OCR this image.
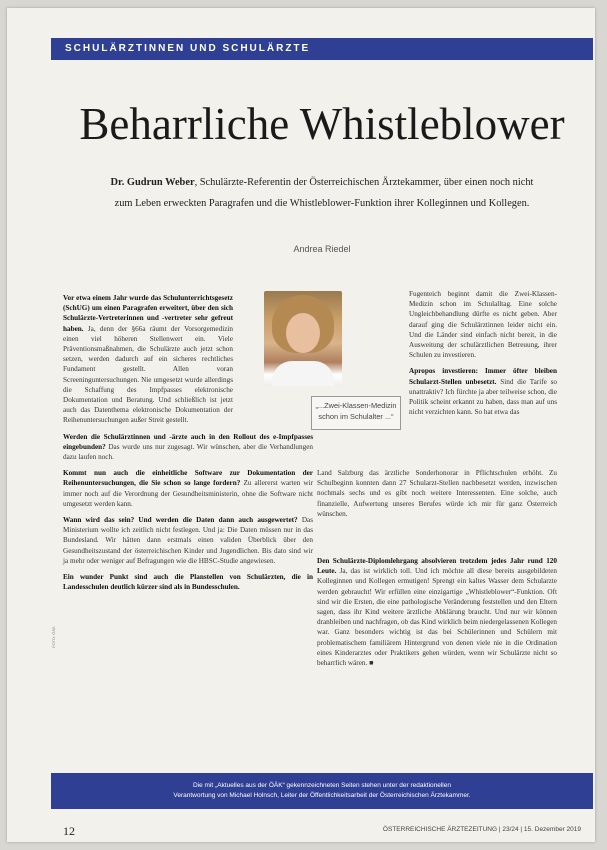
SCHULÄRZTINNEN UND SCHULÄRZTE
Beharrliche Whistleblower

Dr. Gudrun Weber, Schulärzte-Referentin der Österreichischen Ärztekammer, über einen noch nicht zum Leben erweckten Paragrafen und die Whistleblower-Funktion ihrer Kolleginnen und Kollegen.

Andrea Riedel

Vor etwa einem Jahr wurde das Schulunterrichtsgesetz (SchUG) um einen Paragrafen erweitert, über den sich Schulärzte-Vertreterinnen und -vertreter sehr gefreut haben. Ja, denn der §66a räumt der Vorsorgemedizin einen viel höheren Stellenwert ein. Viele Präventionsmaßnahmen, die Schulärzte auch jetzt schon setzen, werden dadurch auf ein sicheres rechtliches Fundament gestellt. Allen voran Screeninguntersuchungen. Nie umgesetzt wurde allerdings die Schaffung des Impfpasses elektronische Dokumentation und Beratung. Und schließlich ist jetzt auch das Datenthema elektronische Dokumentation der Reihenuntersuchungen außer Streit gestellt.

Werden die Schulärztinnen und -ärzte auch in den Rollout des e-Impfpasses eingebunden? Das wurde uns nur zugesagt. Wir wünschen, aber die Verhandlungen dazu laufen noch.

Kommt nun auch die einheitliche Software zur Dokumentation der Reihenuntersuchungen, die Sie schon so lange fordern? Zu allererst warten wir immer noch auf die Verordnung der Gesundheitsministerin, ohne die Software nicht umgesetzt werden kann.

Wann wird das sein? Und werden die Daten dann auch ausgewertet? Das Ministerium wollte ich zeitlich nicht festlegen. Und ja: Die Daten müssen nur in das Bundesland. Wir hätten dann erstmals einen validen Überblick über den Gesundheitszustand der österreichischen Kinder und Jugendlichen. Bis dato sind wir ja mehr oder weniger auf Befragungen wie die HBSC-Studie angewiesen.

Ein wunder Punkt sind auch die Planstellen von Schulärzten, die in Landesschulen deutlich kürzer sind als in Bundesschulen.

„...Zwei-Klassen-Medizin schon im Schulalter ...“

Fugenteich beginnt damit die Zwei-Klassen-Medizin schon im Schulalltag. Eine solche Ungleichbehandlung dürfte es nicht geben. Aber darauf ging die Schulärztinnen leider nicht ein. Und die Länder sind einfach nicht bereit, in die Ausweitung der schulärztlichen Betreuung, ihrer Schulen zu investieren.

Apropos investieren: Immer öfter bleiben Schularzt-Stellen unbesetzt. Sind die Tarife so unattraktiv? Ich fürchte ja aber teilweise schon, die Politik scheint erkannt zu haben, dass man auf uns nicht verzichten kann. So hat etwa das

Land Salzburg das ärztliche Sonderhonorar in Pflichtschulen erhöht. Zu Schulbeginn konnten dann 27 Schularzt-Stellen nachbesetzt werden, inzwischen nochmals sechs und es gibt noch weitere Interessenten. Eine solche, auch finanzielle, Aufwertung unseres Berufes würde ich mir für ganz Österreich wünschen.

Den Schulärzte-Diplomlehrgang absolvieren trotzdem jedes Jahr rund 120 Leute. Ja, das ist wirklich toll. Und ich möchte all diese bereits ausgebildeten Kolleginnen und Kollegen ermutigen! Sprengt ein kaltes Wasser dem Schularzte werden gebraucht! Wir erfüllen eine einzigartige „Whistleblower“-Funktion. Oft sind wir die Ersten, die eine pathologische Veränderung feststellen und den Eltern sagen, dass ihr Kind weitere ärztliche Abklärung braucht. Und nur wir können dranbleiben und nachfragen, ob das Kind wirklich beim niedergelassenen Kollegen war. Ganz besonders wichtig ist das bei Schülerinnen und Schülern mit problematischem familiärem Hintergrund von denen viele nie in die Ordination eines Kinderarztes oder Praktikers gehen würden, wenn wir Schulärzte nicht so beharrlich wären. ■

FOTO: ÖÄK
Die mit „Aktuelles aus der ÖÄK“ gekennzeichneten Seiten stehen unter der redaktionellen
Verantwortung von Michael Holnsch, Leiter der Öffentlichkeitsarbeit der Österreichischen Ärztekammer.
12	ÖSTERREICHISCHE ÄRZTEZEITUNG | 23/24 | 15. Dezember 2019
